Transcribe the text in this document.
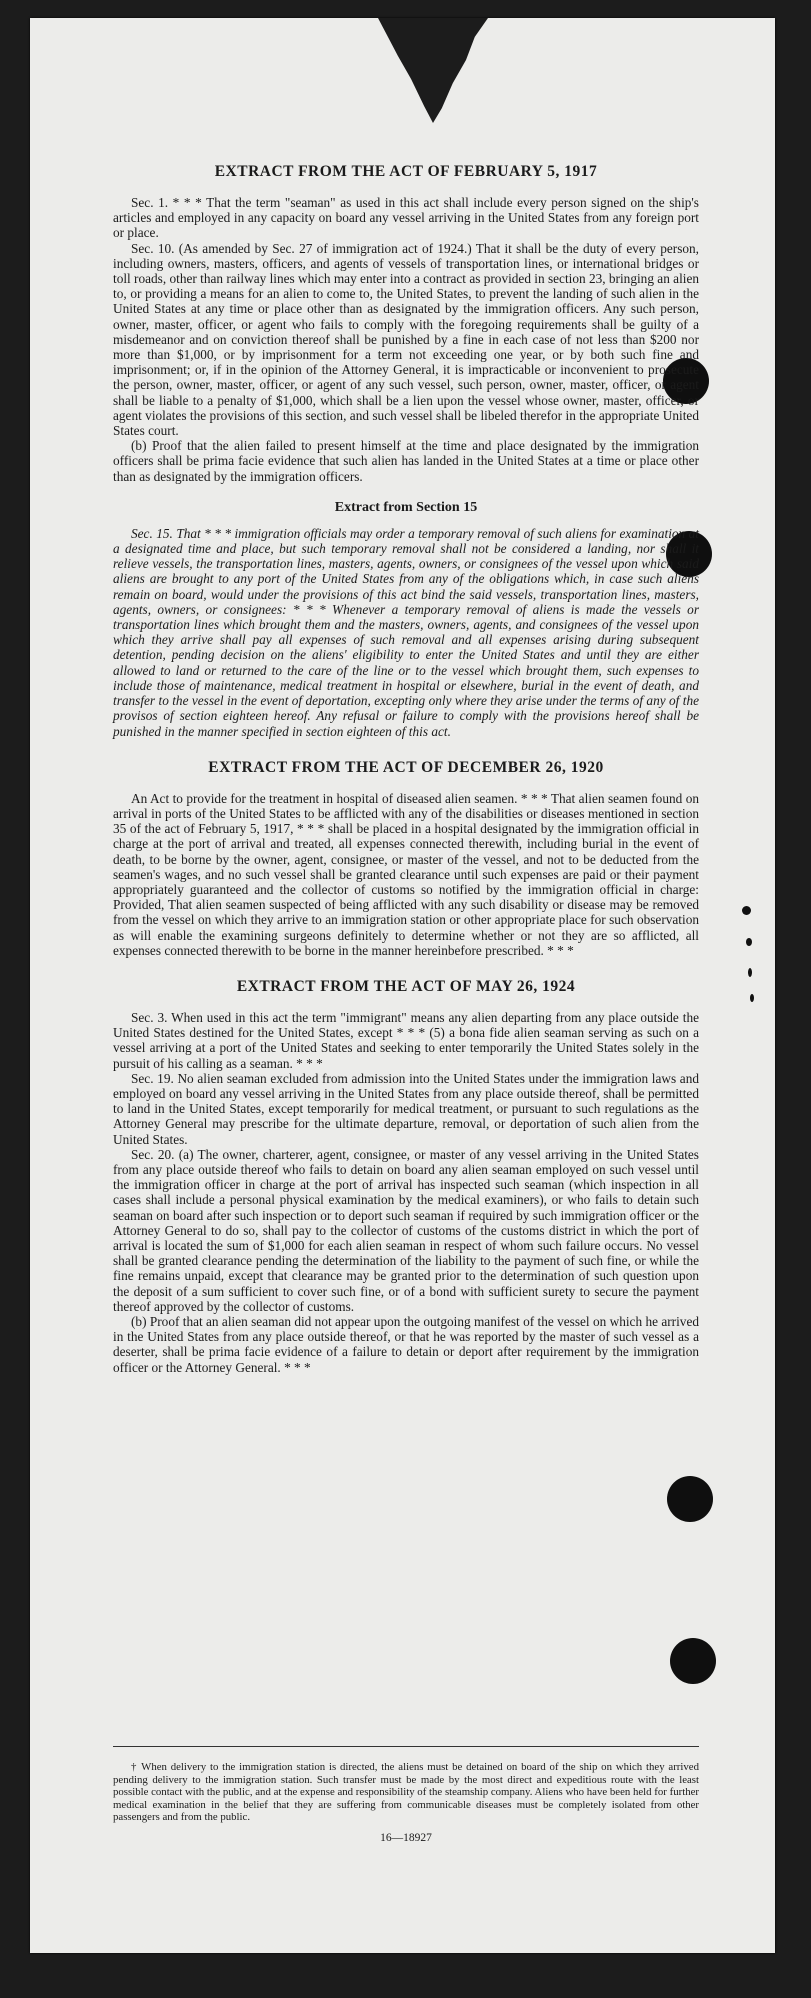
EXTRACT FROM THE ACT OF FEBRUARY 5, 1917

Sec. 1. * * * That the term "seaman" as used in this act shall include every person signed on the ship's articles and employed in any capacity on board any vessel arriving in the United States from any foreign port or place.

Sec. 10. (As amended by Sec. 27 of immigration act of 1924.) That it shall be the duty of every person, including owners, masters, officers, and agents of vessels of transportation lines, or international bridges or toll roads, other than railway lines which may enter into a contract as provided in section 23, bringing an alien to, or providing a means for an alien to come to, the United States, to prevent the landing of such alien in the United States at any time or place other than as designated by the immigration officers. Any such person, owner, master, officer, or agent who fails to comply with the foregoing requirements shall be guilty of a misdemeanor and on conviction thereof shall be punished by a fine in each case of not less than $200 nor more than $1,000, or by imprisonment for a term not exceeding one year, or by both such fine and imprisonment; or, if in the opinion of the Attorney General, it is impracticable or inconvenient to prosecute the person, owner, master, officer, or agent of any such vessel, such person, owner, master, officer, or agent shall be liable to a penalty of $1,000, which shall be a lien upon the vessel whose owner, master, officer, or agent violates the provisions of this section, and such vessel shall be libeled therefor in the appropriate United States court.

(b) Proof that the alien failed to present himself at the time and place designated by the immigration officers shall be prima facie evidence that such alien has landed in the United States at a time or place other than as designated by the immigration officers.

Extract from Section 15

Sec. 15. That * * * immigration officials may order a temporary removal of such aliens for examination at a designated time and place, but such temporary removal shall not be considered a landing, nor shall it relieve vessels, the transportation lines, masters, agents, owners, or consignees of the vessel upon which said aliens are brought to any port of the United States from any of the obligations which, in case such aliens remain on board, would under the provisions of this act bind the said vessels, transportation lines, masters, agents, owners, or consignees: * * * Whenever a temporary removal of aliens is made the vessels or transportation lines which brought them and the masters, owners, agents, and consignees of the vessel upon which they arrive shall pay all expenses of such removal and all expenses arising during subsequent detention, pending decision on the aliens' eligibility to enter the United States and until they are either allowed to land or returned to the care of the line or to the vessel which brought them, such expenses to include those of maintenance, medical treatment in hospital or elsewhere, burial in the event of death, and transfer to the vessel in the event of deportation, excepting only where they arise under the terms of any of the provisos of section eighteen hereof. Any refusal or failure to comply with the provisions hereof shall be punished in the manner specified in section eighteen of this act.

EXTRACT FROM THE ACT OF DECEMBER 26, 1920

An Act to provide for the treatment in hospital of diseased alien seamen. * * * That alien seamen found on arrival in ports of the United States to be afflicted with any of the disabilities or diseases mentioned in section 35 of the act of February 5, 1917, * * * shall be placed in a hospital designated by the immigration official in charge at the port of arrival and treated, all expenses connected therewith, including burial in the event of death, to be borne by the owner, agent, consignee, or master of the vessel, and not to be deducted from the seamen's wages, and no such vessel shall be granted clearance until such expenses are paid or their payment appropriately guaranteed and the collector of customs so notified by the immigration official in charge: Provided, That alien seamen suspected of being afflicted with any such disability or disease may be removed from the vessel on which they arrive to an immigration station or other appropriate place for such observation as will enable the examining surgeons definitely to determine whether or not they are so afflicted, all expenses connected therewith to be borne in the manner hereinbefore prescribed. * * *

EXTRACT FROM THE ACT OF MAY 26, 1924

Sec. 3. When used in this act the term "immigrant" means any alien departing from any place outside the United States destined for the United States, except * * * (5) a bona fide alien seaman serving as such on a vessel arriving at a port of the United States and seeking to enter temporarily the United States solely in the pursuit of his calling as a seaman. * * *

Sec. 19. No alien seaman excluded from admission into the United States under the immigration laws and employed on board any vessel arriving in the United States from any place outside thereof, shall be permitted to land in the United States, except temporarily for medical treatment, or pursuant to such regulations as the Attorney General may prescribe for the ultimate departure, removal, or deportation of such alien from the United States.

Sec. 20. (a) The owner, charterer, agent, consignee, or master of any vessel arriving in the United States from any place outside thereof who fails to detain on board any alien seaman employed on such vessel until the immigration officer in charge at the port of arrival has inspected such seaman (which inspection in all cases shall include a personal physical examination by the medical examiners), or who fails to detain such seaman on board after such inspection or to deport such seaman if required by such immigration officer or the Attorney General to do so, shall pay to the collector of customs of the customs district in which the port of arrival is located the sum of $1,000 for each alien seaman in respect of whom such failure occurs. No vessel shall be granted clearance pending the determination of the liability to the payment of such fine, or while the fine remains unpaid, except that clearance may be granted prior to the determination of such question upon the deposit of a sum sufficient to cover such fine, or of a bond with sufficient surety to secure the payment thereof approved by the collector of customs.

(b) Proof that an alien seaman did not appear upon the outgoing manifest of the vessel on which he arrived in the United States from any place outside thereof, or that he was reported by the master of such vessel as a deserter, shall be prima facie evidence of a failure to detain or deport after requirement by the immigration officer or the Attorney General. * * *

† When delivery to the immigration station is directed, the aliens must be detained on board of the ship on which they arrived pending delivery to the immigration station. Such transfer must be made by the most direct and expeditious route with the least possible contact with the public, and at the expense and responsibility of the steamship company. Aliens who have been held for further medical examination in the belief that they are suffering from communicable diseases must be completely isolated from other passengers and from the public.
16—18927
